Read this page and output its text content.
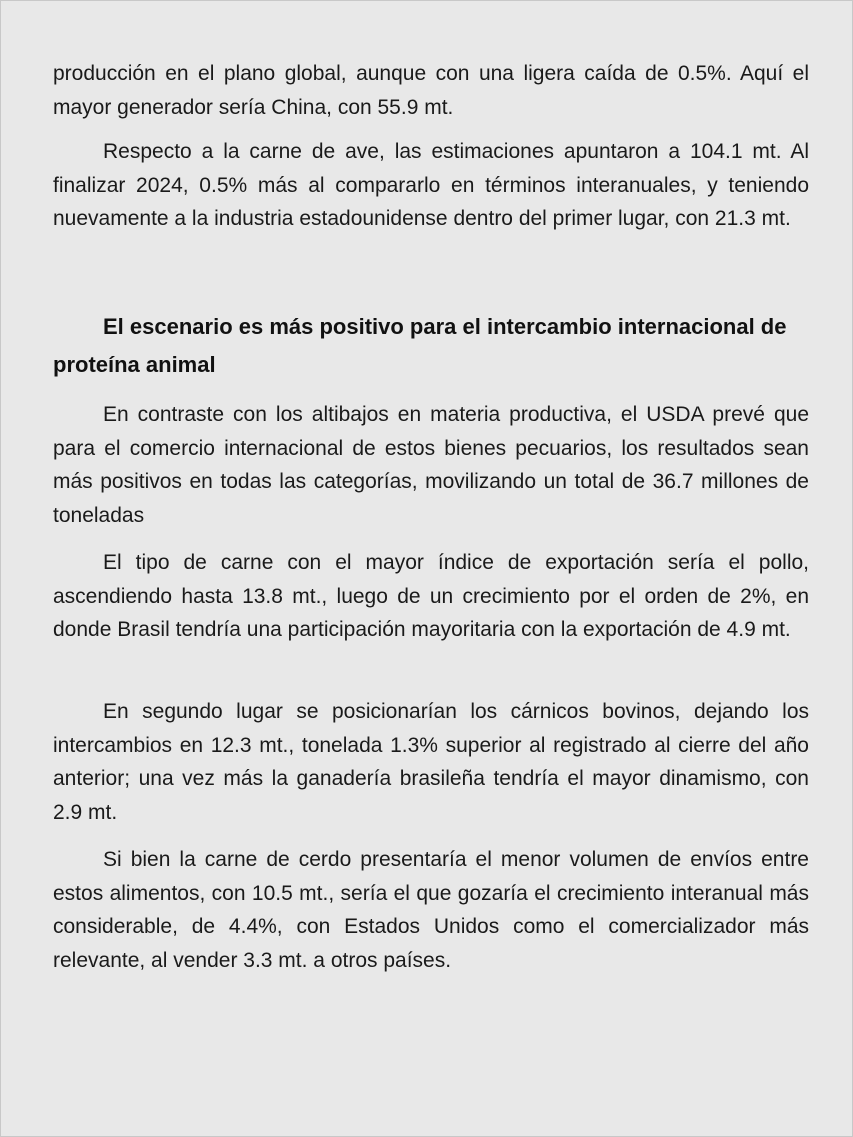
producción en el plano global, aunque con una ligera caída de 0.5%. Aquí el mayor generador sería China, con 55.9 mt.

Respecto a la carne de ave, las estimaciones apuntaron a 104.1 mt. Al finalizar 2024, 0.5% más al compararlo en términos interanuales, y teniendo nuevamente a la industria estadounidense dentro del primer lugar, con 21.3 mt.

El escenario es más positivo para el intercambio internacional de proteína animal

En contraste con los altibajos en materia productiva, el USDA prevé que para el comercio internacional de estos bienes pecuarios, los resultados sean más positivos en todas las categorías, movilizando un total de 36.7 millones de toneladas

El tipo de carne con el mayor índice de exportación sería el pollo, ascendiendo hasta 13.8 mt., luego de un crecimiento por el orden de 2%, en donde Brasil tendría una participación mayoritaria con la exportación de 4.9 mt.

En segundo lugar se posicionarían los cárnicos bovinos, dejando los intercambios en 12.3 mt., tonelada 1.3% superior al registrado al cierre del año anterior; una vez más la ganadería brasileña tendría el mayor dinamismo, con 2.9 mt.

Si bien la carne de cerdo presentaría el menor volumen de envíos entre estos alimentos, con 10.5 mt., sería el que gozaría el crecimiento interanual más considerable, de 4.4%, con Estados Unidos como el comercializador más relevante, al vender 3.3 mt. a otros países.
